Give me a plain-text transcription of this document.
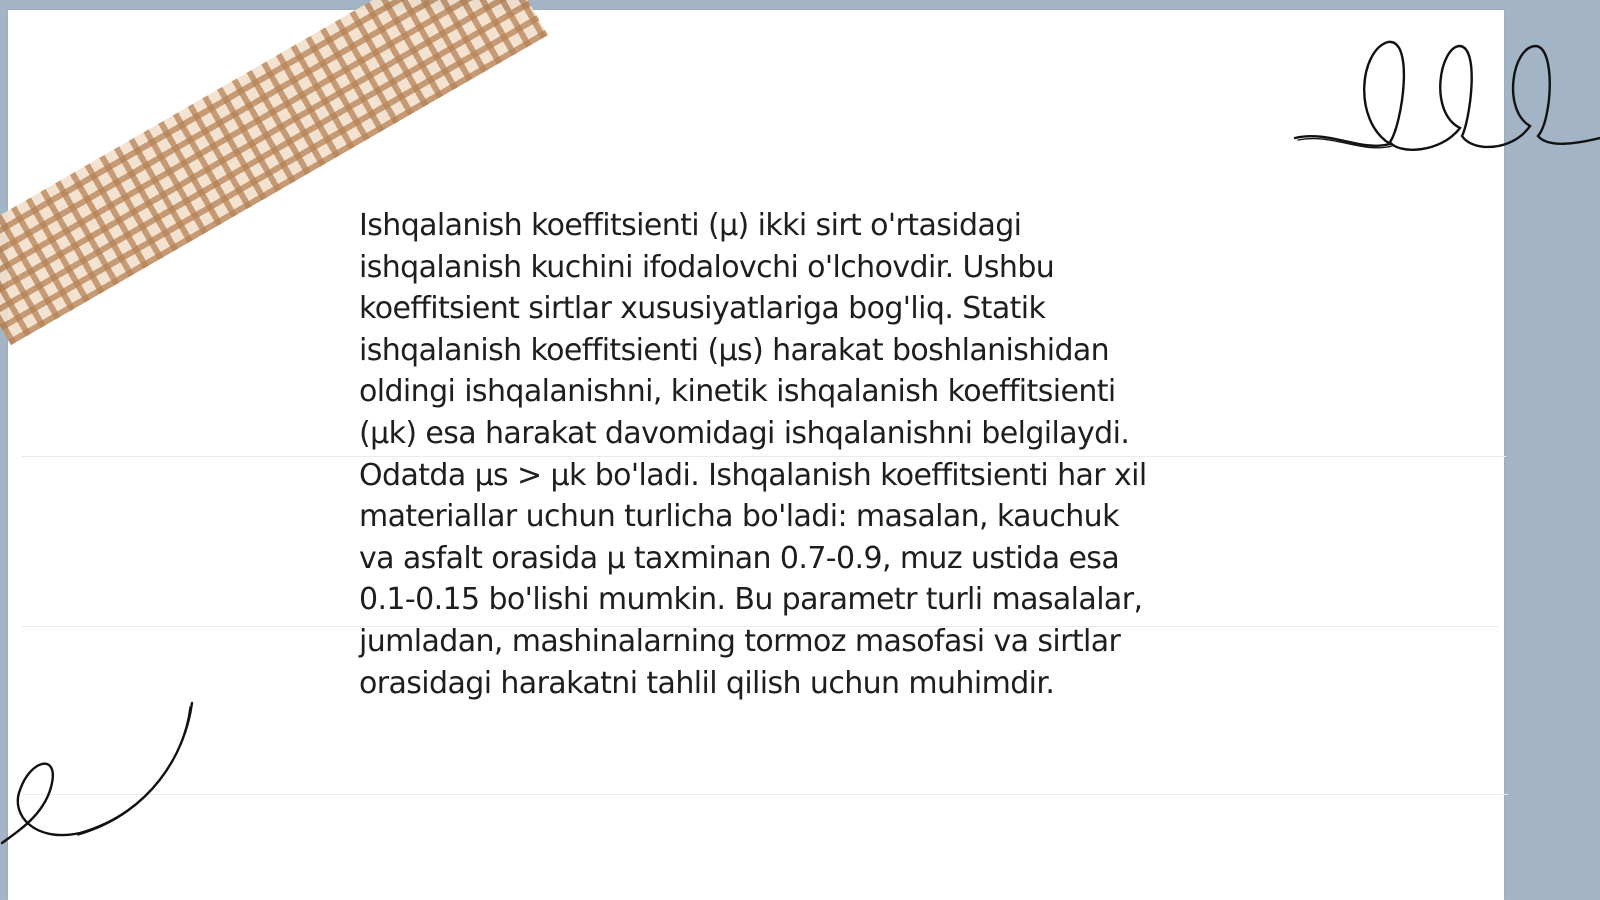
Ishqalanish koeffitsienti (μ) ikki sirt o'rtasidagi
ishqalanish kuchini ifodalovchi o'lchovdir. Ushbu
koeffitsient sirtlar xususiyatlariga bog'liq. Statik
ishqalanish koeffitsienti (μs) harakat boshlanishidan
oldingi ishqalanishni, kinetik ishqalanish koeffitsienti
(μk) esa harakat davomidagi ishqalanishni belgilaydi.
Odatda μs > μk bo'ladi. Ishqalanish koeffitsienti har xil
materiallar uchun turlicha bo'ladi: masalan, kauchuk
va asfalt orasida μ taxminan 0.7-0.9, muz ustida esa
0.1-0.15 bo'lishi mumkin. Bu parametr turli masalalar,
jumladan, mashinalarning tormoz masofasi va sirtlar
orasidagi harakatni tahlil qilish uchun muhimdir.
